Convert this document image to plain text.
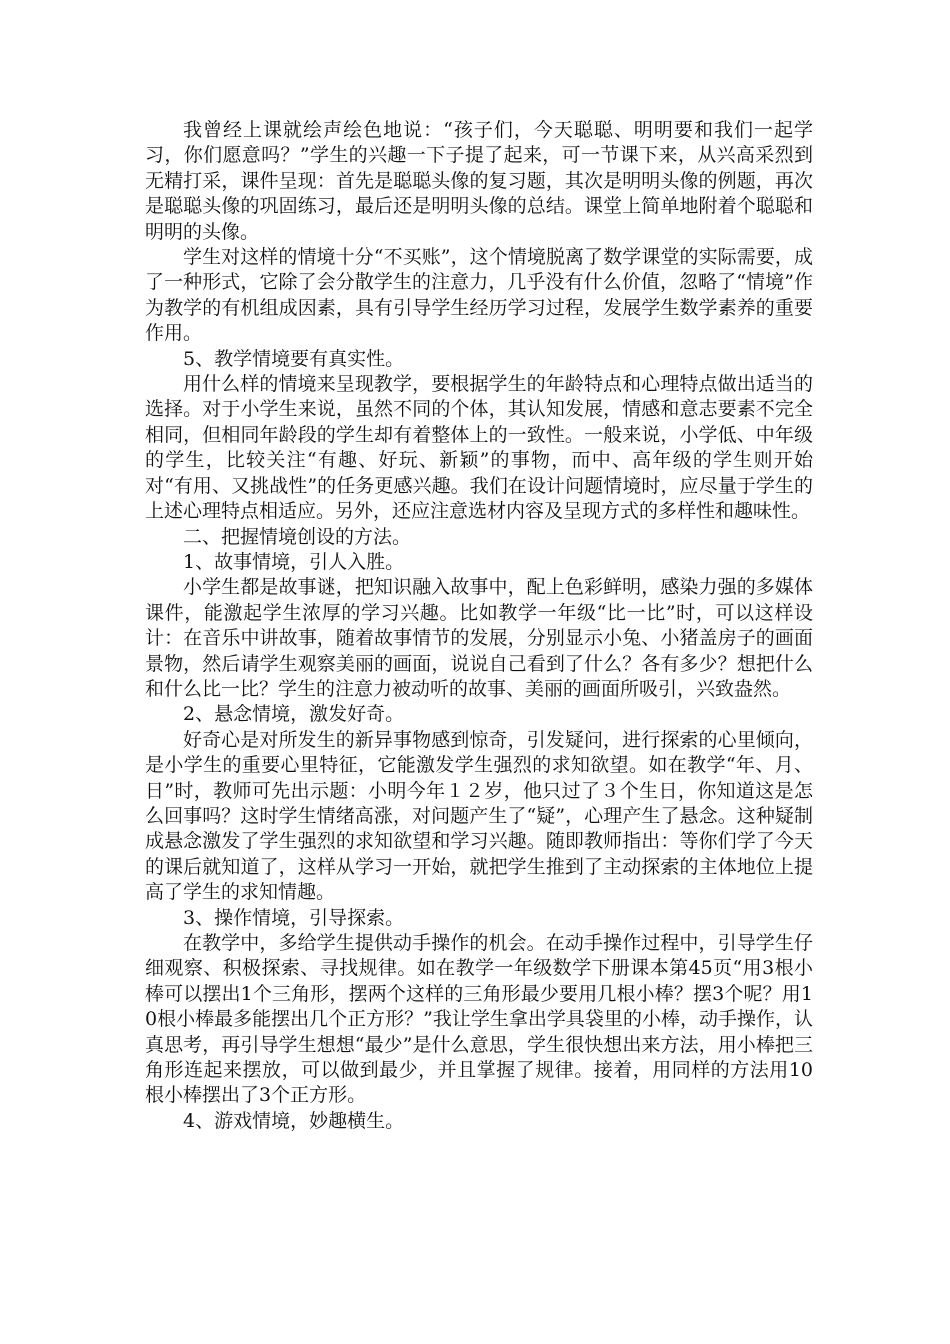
我曾经上课就绘声绘色地说：“孩子们，今天聪聪、明明要和我们一起学习，你们愿意吗？”学生的兴趣一下子提了起来，可一节课下来，从兴高采烈到无精打采，课件呈现：首先是聪聪头像的复习题，其次是明明头像的例题，再次是聪聪头像的巩固练习，最后还是明明头像的总结。课堂上简单地附着个聪聪和明明的头像。

学生对这样的情境十分“不买账”，这个情境脱离了数学课堂的实际需要，成了一种形式，它除了会分散学生的注意力，几乎没有什么价值，忽略了“情境”作为教学的有机组成因素，具有引导学生经历学习过程，发展学生数学素养的重要作用。

5、教学情境要有真实性。

用什么样的情境来呈现教学，要根据学生的年龄特点和心理特点做出适当的选择。对于小学生来说，虽然不同的个体，其认知发展，情感和意志要素不完全相同，但相同年龄段的学生却有着整体上的一致性。一般来说，小学低、中年级的学生，比较关注“有趣、好玩、新颖”的事物，而中、高年级的学生则开始对“有用、又挑战性”的任务更感兴趣。我们在设计问题情境时，应尽量于学生的上述心理特点相适应。另外，还应注意选材内容及呈现方式的多样性和趣味性。

二、把握情境创设的方法。

1、故事情境，引人入胜。

小学生都是故事谜，把知识融入故事中，配上色彩鲜明，感染力强的多媒体课件，能激起学生浓厚的学习兴趣。比如教学一年级“比一比”时，可以这样设计：在音乐中讲故事，随着故事情节的发展，分别显示小兔、小猪盖房子的画面景物，然后请学生观察美丽的画面，说说自己看到了什么？各有多少？想把什么和什么比一比？学生的注意力被动听的故事、美丽的画面所吸引，兴致盎然。

2、悬念情境，激发好奇。

好奇心是对所发生的新异事物感到惊奇，引发疑问，进行探索的心里倾向，是小学生的重要心里特征，它能激发学生强烈的求知欲望。如在教学“年、月、日”时，教师可先出示题：小明今年１２岁，他只过了３个生日，你知道这是怎么回事吗？这时学生情绪高涨，对问题产生了“疑”，心理产生了悬念。这种疑制成悬念激发了学生强烈的求知欲望和学习兴趣。随即教师指出：等你们学了今天的课后就知道了，这样从学习一开始，就把学生推到了主动探索的主体地位上提高了学生的求知情趣。

3、操作情境，引导探索。

在教学中，多给学生提供动手操作的机会。在动手操作过程中，引导学生仔细观察、积极探索、寻找规律。如在教学一年级数学下册课本第45页“用3根小棒可以摆出1个三角形，摆两个这样的三角形最少要用几根小棒？摆3个呢？用10根小棒最多能摆出几个正方形？”我让学生拿出学具袋里的小棒，动手操作，认真思考，再引导学生想想“最少”是什么意思，学生很快想出来方法，用小棒把三角形连起来摆放，可以做到最少，并且掌握了规律。接着，用同样的方法用10根小棒摆出了3个正方形。

4、游戏情境，妙趣横生。
